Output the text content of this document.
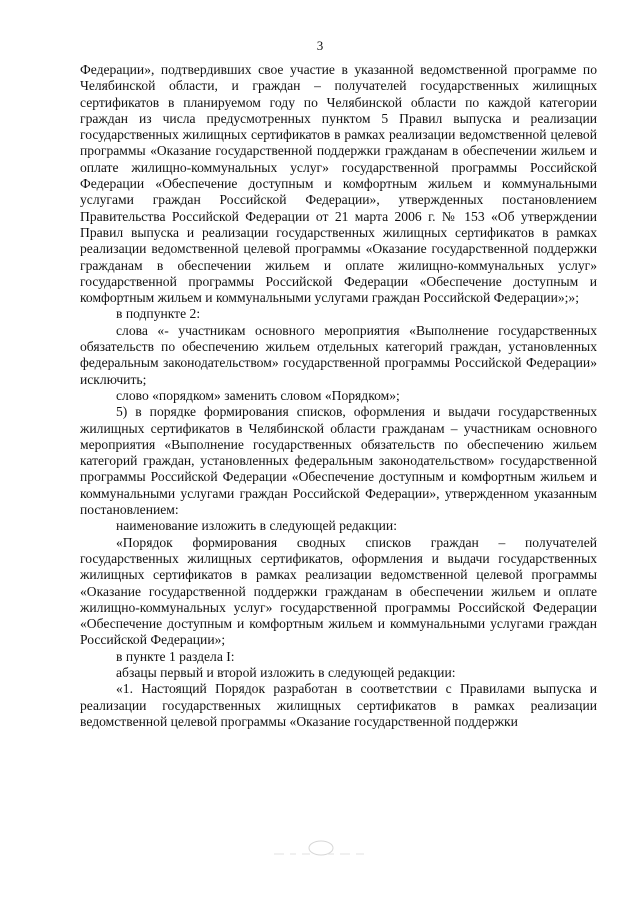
3

Федерации», подтвердивших свое участие в указанной ведомственной программе по Челябинской области, и граждан – получателей государственных жилищных сертификатов в планируемом году по Челябинской области по каждой категории граждан из числа предусмотренных пунктом 5 Правил выпуска и реализации государственных жилищных сертификатов в рамках реализации ведомственной целевой программы «Оказание государственной поддержки гражданам в обеспечении жильем и оплате жилищно-коммунальных услуг» государственной программы Российской Федерации «Обеспечение доступным и комфортным жильем и коммунальными услугами граждан Российской Федерации», утвержденных постановлением Правительства Российской Федерации от 21 марта 2006 г. № 153 «Об утверждении Правил выпуска и реализации государственных жилищных сертификатов в рамках реализации ведомственной целевой программы «Оказание государственной поддержки гражданам в обеспечении жильем и оплате жилищно-коммунальных услуг» государственной программы Российской Федерации «Обеспечение доступным и комфортным жильем и коммунальными услугами граждан Российской Федерации»;»;

в подпункте 2:

слова «- участникам основного мероприятия «Выполнение государственных обязательств по обеспечению жильем отдельных категорий граждан, установленных федеральным законодательством» государственной программы Российской Федерации» исключить;

слово «порядком» заменить словом «Порядком»;

5) в порядке формирования списков, оформления и выдачи государственных жилищных сертификатов в Челябинской области гражданам – участникам основного мероприятия «Выполнение государственных обязательств по обеспечению жильем категорий граждан, установленных федеральным законодательством» государственной программы Российской Федерации «Обеспечение доступным и комфортным жильем и коммунальными услугами граждан Российской Федерации», утвержденном указанным постановлением:

наименование изложить в следующей редакции:

«Порядок формирования сводных списков граждан – получателей государственных жилищных сертификатов, оформления и выдачи государственных жилищных сертификатов в рамках реализации ведомственной целевой программы «Оказание государственной поддержки гражданам в обеспечении жильем и оплате жилищно-коммунальных услуг» государственной программы Российской Федерации «Обеспечение доступным и комфортным жильем и коммунальными услугами граждан Российской Федерации»;

в пункте 1 раздела I:

абзацы первый и второй изложить в следующей редакции:

«1. Настоящий Порядок разработан в соответствии с Правилами выпуска и реализации государственных жилищных сертификатов в рамках реализации ведомственной целевой программы «Оказание государственной поддержки
